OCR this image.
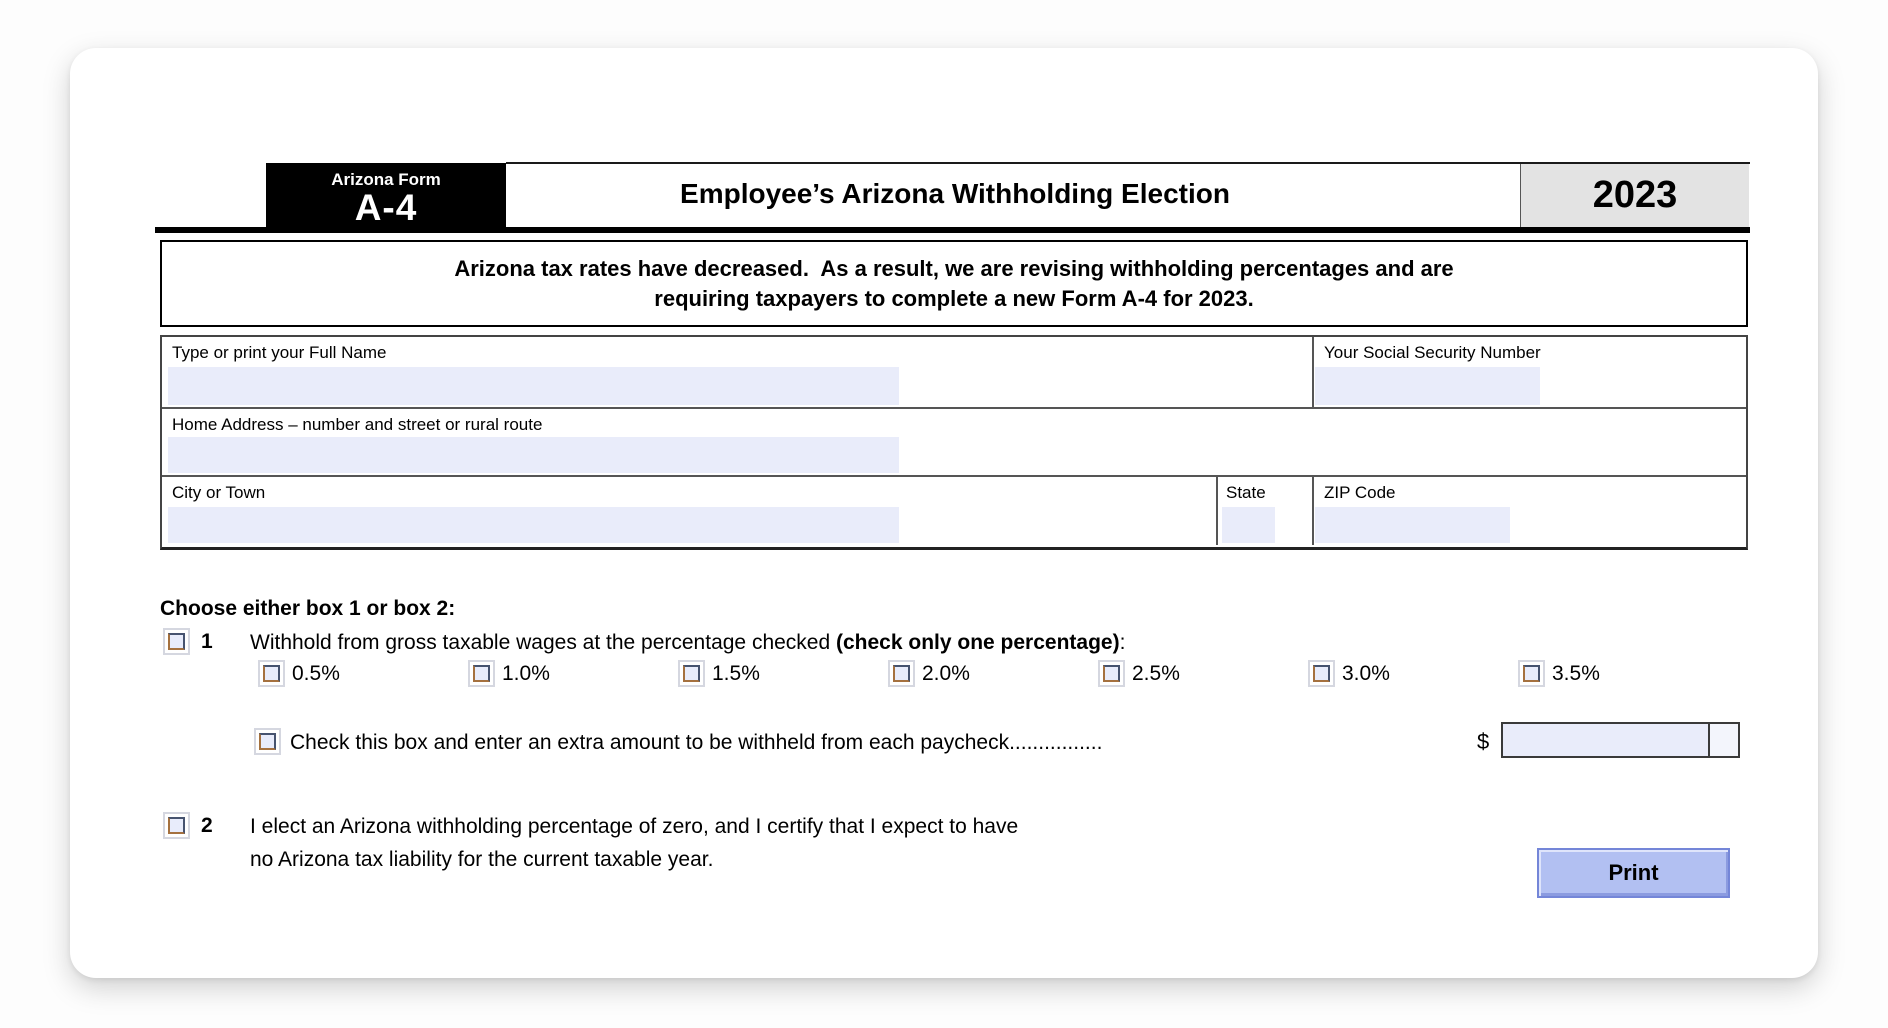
Arizona Form
A-4	Employee’s Arizona Withholding Election	2023
Arizona tax rates have decreased.  As a result, we are revising withholding percentages and are
requiring taxpayers to complete a new Form A-4 for 2023.
Type or print your Full Name	Your Social Security Number
Home Address – number and street or rural route
City or Town	State	ZIP Code
Choose either box 1 or box 2:
1 Withhold from gross taxable wages at the percentage checked (check only one percentage):
0.5%	1.0%	1.5%	2.0%	2.5%	3.0%	3.5%
Check this box and enter an extra amount to be withheld from each paycheck................	$
2 I elect an Arizona withholding percentage of zero, and I certify that I expect to have
no Arizona tax liability for the current taxable year.
Print
